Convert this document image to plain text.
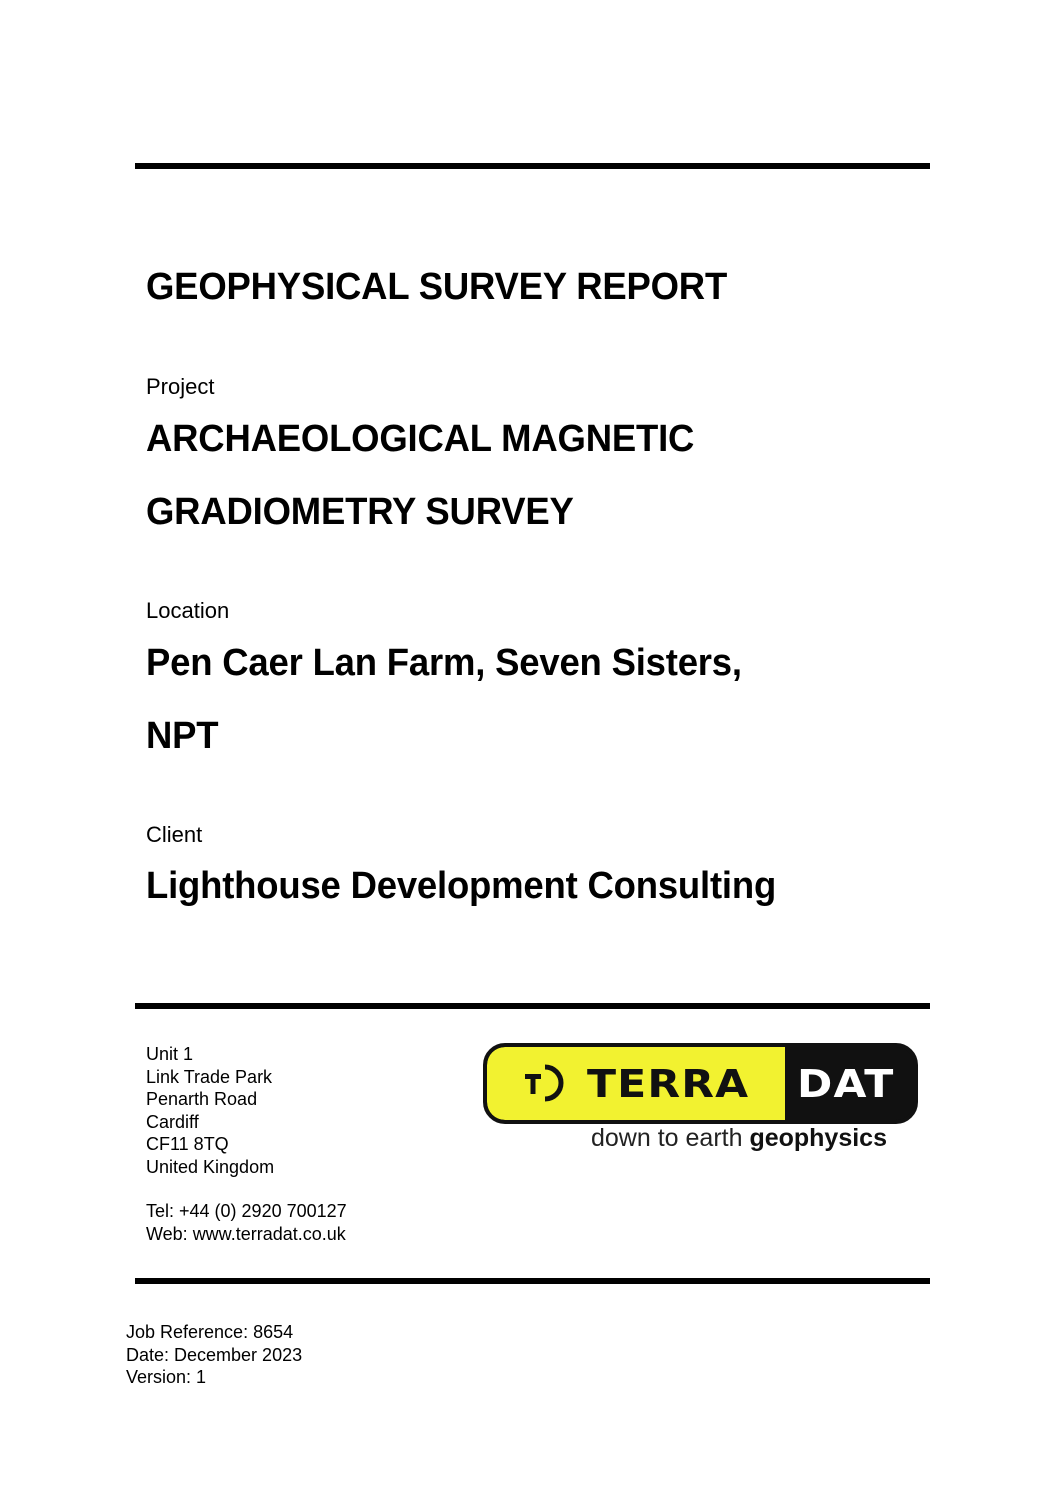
GEOPHYSICAL SURVEY REPORT
Project
ARCHAEOLOGICAL MAGNETIC
GRADIOMETRY SURVEY
Location
Pen Caer Lan Farm, Seven Sisters,
NPT
Client
Lighthouse Development Consulting
Unit 1
Link Trade Park
Penarth Road
Cardiff
CF11 8TQ
United Kingdom
Tel: +44 (0) 2920 700127
Web: www.terradat.co.uk
TERRA DAT
down to earth geophysics
Job Reference: 8654
Date: December 2023
Version: 1
